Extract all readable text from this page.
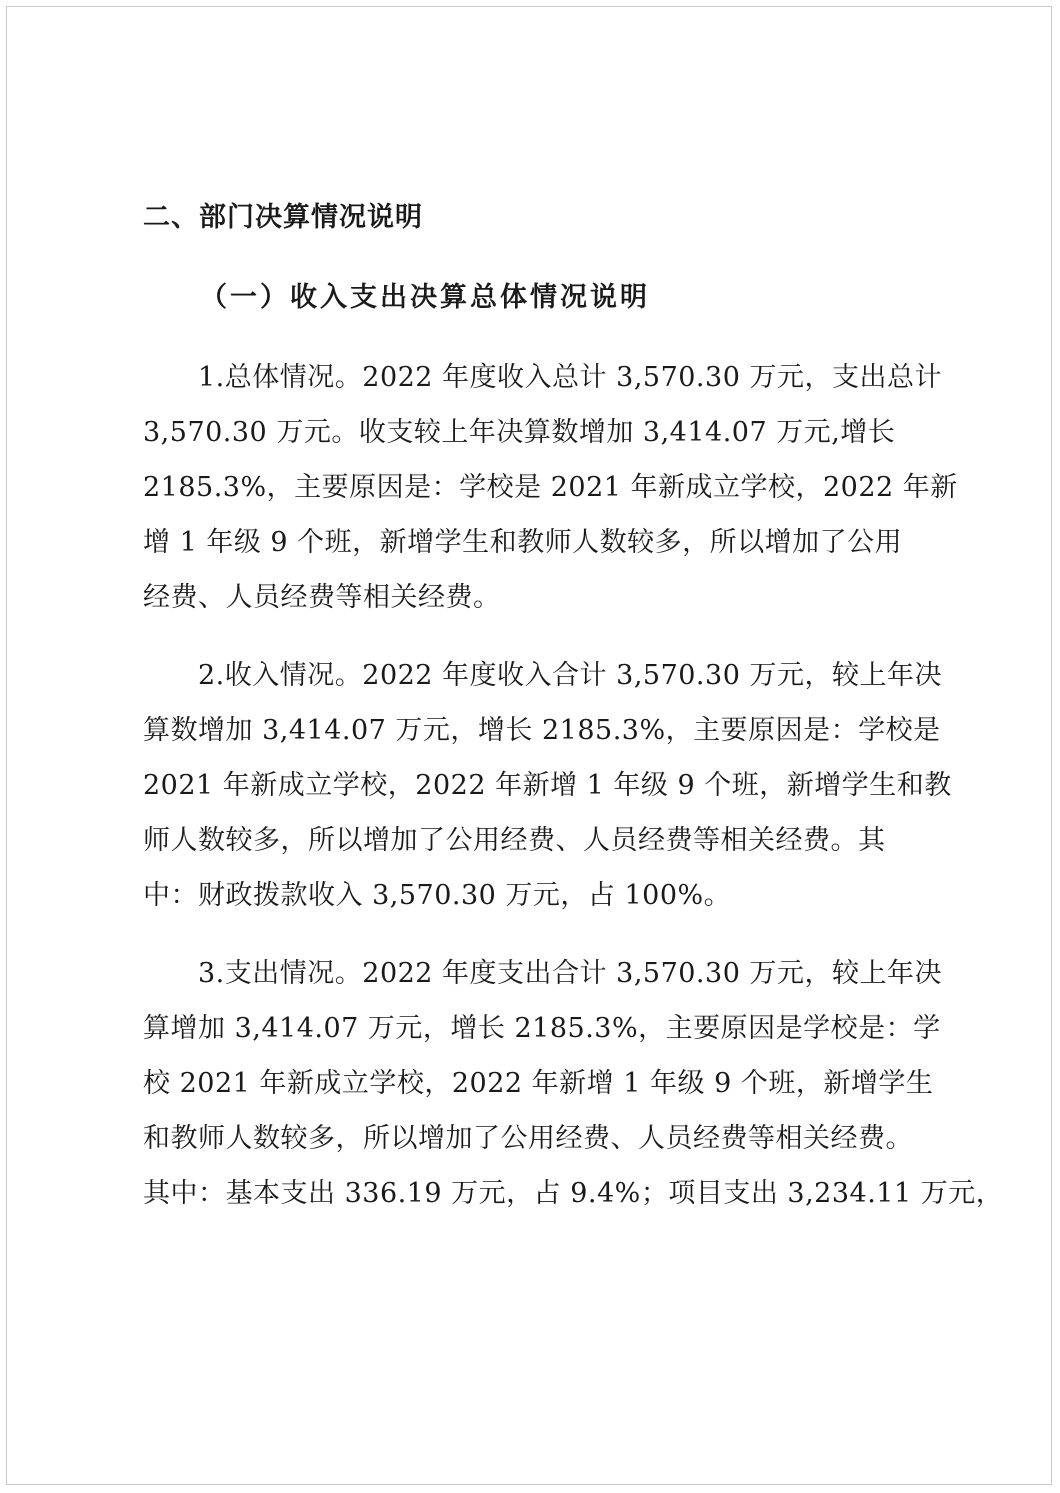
二、部门决算情况说明
（一）收入支出决算总体情况说明
1.总体情况。2022 年度收入总计 3,570.30 万元，支出总计
3,570.30 万元。收支较上年决算数增加 3,414.07 万元,增长
2185.3%，主要原因是：学校是 2021 年新成立学校，2022 年新
增 1 年级 9 个班，新增学生和教师人数较多，所以增加了公用
经费、人员经费等相关经费。
2.收入情况。2022 年度收入合计 3,570.30 万元，较上年决
算数增加 3,414.07 万元，增长 2185.3%，主要原因是：学校是
2021 年新成立学校，2022 年新增 1 年级 9 个班，新增学生和教
师人数较多，所以增加了公用经费、人员经费等相关经费。其
中：财政拨款收入 3,570.30 万元，占 100%。
3.支出情况。2022 年度支出合计 3,570.30 万元，较上年决
算增加 3,414.07 万元，增长 2185.3%，主要原因是学校是：学
校 2021 年新成立学校，2022 年新增 1 年级 9 个班，新增学生
和教师人数较多，所以增加了公用经费、人员经费等相关经费。
其中：基本支出 336.19 万元，占 9.4%；项目支出 3,234.11 万元，
